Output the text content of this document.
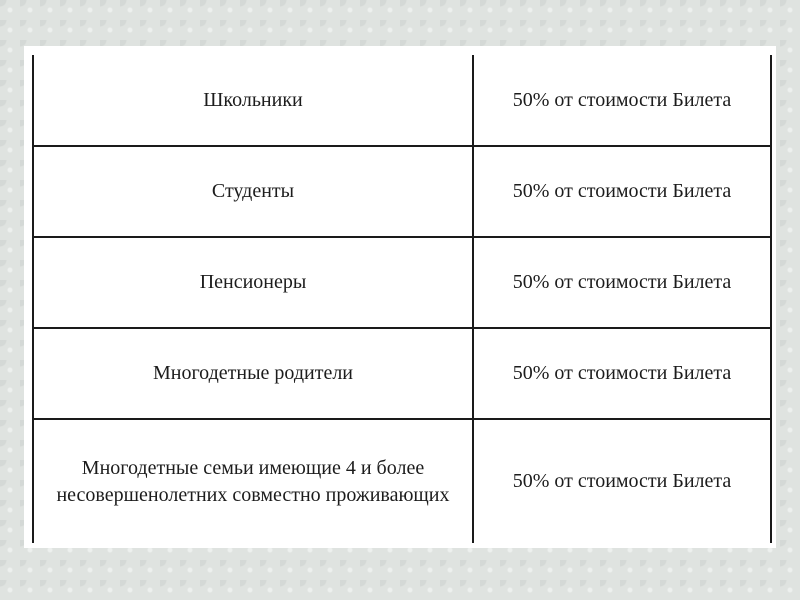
Школьники	50% от стоимости Билета
Студенты	50% от стоимости Билета
Пенсионеры	50% от стоимости Билета
Многодетные родители	50% от стоимости Билета

Многодетные семьи имеющие 4 и более
несовершенолетних совместно проживающих	50% от стоимости Билета
